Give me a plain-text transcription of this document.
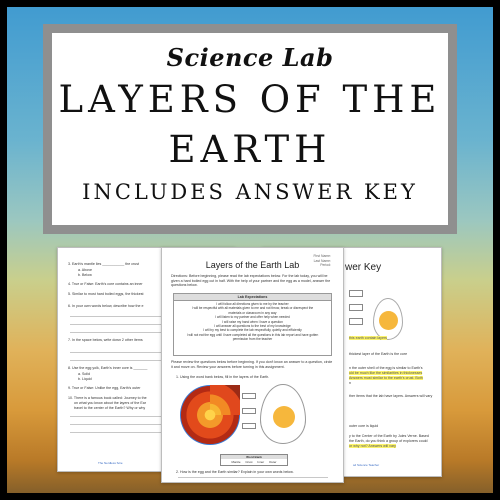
Science Lab
LAYERS OF THE
EARTH
INCLUDES ANSWER KEY
3. Earth's mantle lies ___________ the crust
a. Above
b. Below
4. True or False: Earth's core contains an inner
5. Similar to most hard boiled eggs, the thickest
6. In your own words below, describe how the e
7. In the space below, write down 2 other items
8. Use the egg yolk, Earth's inner core is _______
a. Solid
b. Liquid
9. True or False: Unlike the egg, Earth's outer
10. There is a famous book called: Journey to the
on what you know about the layers of the Ear
travel to the center of the Earth? Why or why
The Nerdless Scie
wer Key
this earth contain layers
thickest layer of the Earth is the core
n the outer shell of the egg is similar to Earth's
uld be much like the similarities in thicknesses
Answers must similar to the earth's crust. Both
n
ther items that the lab have layers. Answers will vary
outer core is liquid
y to the Center of the Earth by Jules Verne. Based
the Earth, do you think a group of explorers could
or why not? Answers will vary
sd Science Teacher
First Name:
Last Name:
Period:
Layers of the Earth Lab
Directions: Before beginning, please read the lab expectations below. For the lab today, you will be given a hard boiled egg cut in half. With the help of your partner and the egg as a model, answer the questions below.
Lab Expectations
I will follow all directions given to me by the teacher
I will be respectful with all materials given to me and not throw, break or disrespect the
materials or classroom in any way
I will listen to my partner and offer help when needed
I will raise my hand when I have a question
I will answer all questions to the best of my knowledge
I will try my best to complete the lab respectfully, quietly and efficiently
I will not eat the egg until I have completed all the questions in this lab report and have gotten
permission from the teacher
Please review the questions below before beginning. If you don't know an answer to a question, circle it and move on. Review your answers before turning in this assignment.
1. Using the word bank below, fill in the layers of the Earth.
Word Bank
Mantle Crust Inner Outer
2. How is the egg and the Earth similar? Explain in your own words below.
